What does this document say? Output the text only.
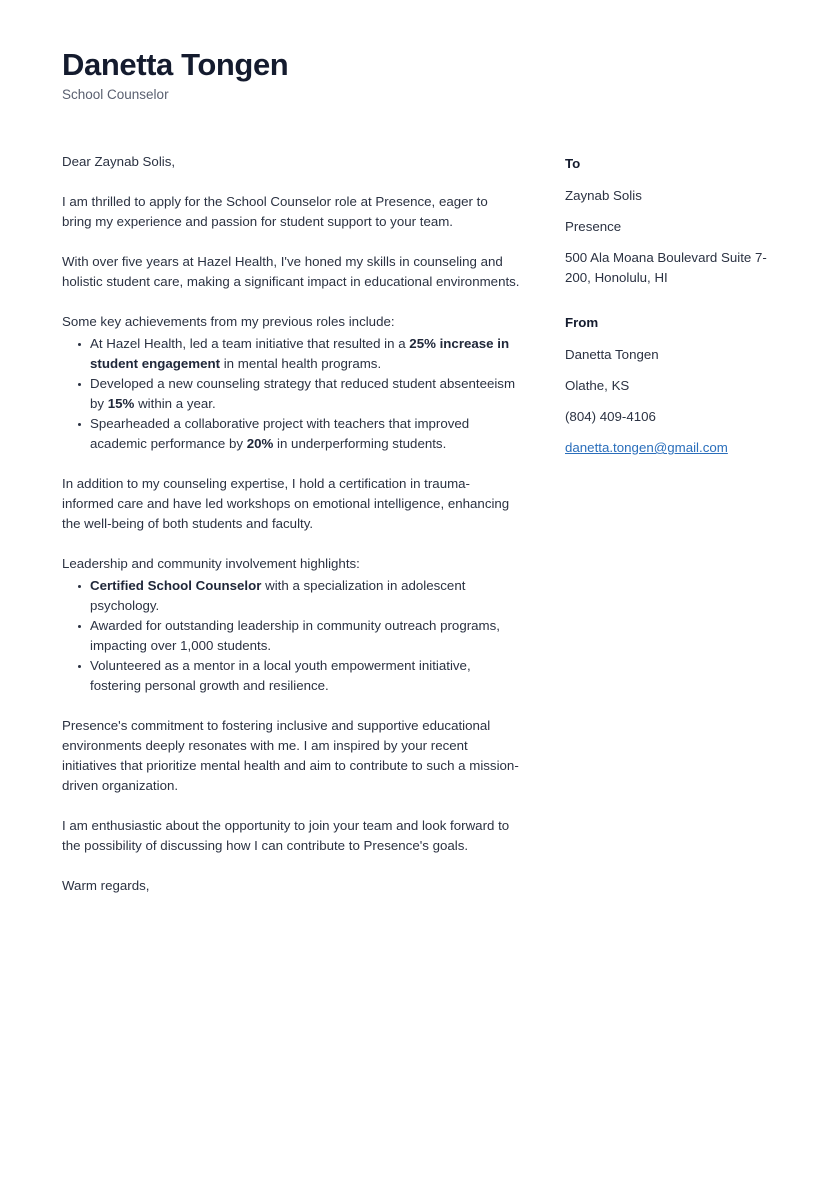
Danetta Tongen
School Counselor

Dear Zaynab Solis,

I am thrilled to apply for the School Counselor role at Presence, eager to bring my experience and passion for student support to your team.

With over five years at Hazel Health, I've honed my skills in counseling and holistic student care, making a significant impact in educational environments.

Some key achievements from my previous roles include:

At Hazel Health, led a team initiative that resulted in a 25% increase in student engagement in mental health programs.
Developed a new counseling strategy that reduced student absenteeism by 15% within a year.
Spearheaded a collaborative project with teachers that improved academic performance by 20% in underperforming students.

In addition to my counseling expertise, I hold a certification in trauma-informed care and have led workshops on emotional intelligence, enhancing the well-being of both students and faculty.

Leadership and community involvement highlights:

Certified School Counselor with a specialization in adolescent psychology.
Awarded for outstanding leadership in community outreach programs, impacting over 1,000 students.
Volunteered as a mentor in a local youth empowerment initiative, fostering personal growth and resilience.

Presence's commitment to fostering inclusive and supportive educational environments deeply resonates with me. I am inspired by your recent initiatives that prioritize mental health and aim to contribute to such a mission-driven organization.

I am enthusiastic about the opportunity to join your team and look forward to the possibility of discussing how I can contribute to Presence's goals.

Warm regards,

To
Zaynab Solis
Presence
500 Ala Moana Boulevard Suite 7-200, Honolulu, HI
From
Danetta Tongen
Olathe, KS
(804) 409-4106
danetta.tongen@gmail.com
